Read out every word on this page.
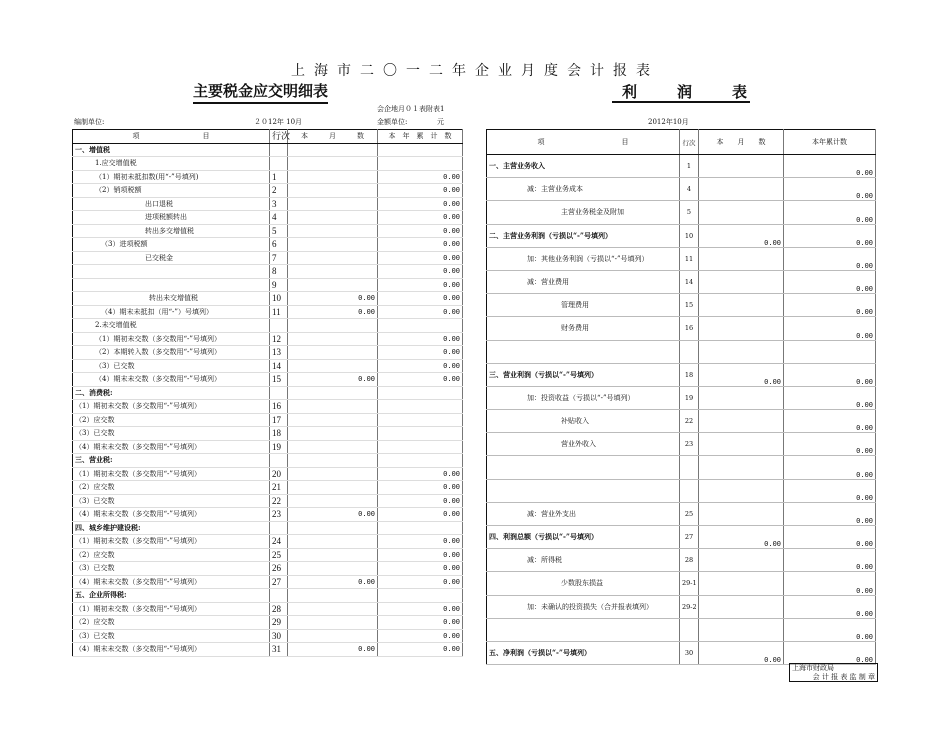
上海市二〇一二年企业月度会计报表
主要税金应交明细表	利润表
会企地月０１表附表1
编制单位:	２０12年 10月	金额单位:	元	2012年10月
项　　　　　　　　　目	行次	本　　　月　　　数	本　年　累　计　数
一、增值税			
1.应交增值税			
（1）期初未抵扣数(用“-”号填列)	1		0.00
（2）销项税额	2		0.00
出口退税	3		0.00
进项税额转出	4		0.00
转出多交增值税	5		0.00
（3）进项税额	6		0.00
已交税金	7		0.00
	8		0.00
	9		0.00
转出未交增值税	10	0.00	0.00
（4）期末未抵扣（用“-”）号填列）	11	0.00	0.00
2.未交增值税			
（1）期初未交数（多交数用“-”号填列）	12		0.00
（2）本期转入数（多交数用“-”号填列）	13		0.00
（3）已交数	14		0.00
（4）期末未交数（多交数用“-”号填列）	15	0.00	0.00
二、消费税:			
（1）期初未交数（多交数用“-”号填列）	16		
（2）应交数	17		
（3）已交数	18		
（4）期末未交数（多交数用“-”号填列）	19		
三、营业税:			
（1）期初未交数（多交数用“-”号填列）	20		0.00
（2）应交数	21		0.00
（3）已交数	22		0.00
（4）期末未交数（多交数用“-”号填列）	23	0.00	0.00
四、城乡维护建设税:			
（1）期初未交数（多交数用“-”号填列）	24		0.00
（2）应交数	25		0.00
（3）已交数	26		0.00
（4）期末未交数（多交数用“-”号填列）	27	0.00	0.00
五、企业所得税:			
（1）期初未交数（多交数用“-”号填列）	28		0.00
（2）应交数	29		0.00
（3）已交数	30		0.00
（4）期末未交数（多交数用“-”号填列）	31	0.00	0.00
项　　　　　　　　　　　目	行次	本　　月　　数	本年累计数
一、主营业务收入	1		0.00
减：主营业务成本	4		0.00
主营业务税金及附加	5		0.00
二、主营业务利润（亏损以“-”号填列）	10	0.00	0.00
加：其他业务利润（亏损以“-”号填列）	11		0.00
减：营业费用	14		0.00
管理费用	15		0.00
财务费用	16		0.00

三、营业利润（亏损以“-”号填列）	18	0.00	0.00
加：投资收益（亏损以“-”号填列）	19		0.00
补贴收入	22		0.00
营业外收入	23		0.00
			0.00
			0.00
减：营业外支出	25		0.00
四、利润总额（亏损以“-”号填列）	27	0.00	0.00
减：所得税	28		0.00
少数股东损益	29-1		0.00
加：未确认的投资损失（合并报表填列）	29-2		0.00
			0.00
五、净利润（亏损以“-”号填列）	30	0.00	0.00
上海市财政局
会 计 报 表 监 制 章
